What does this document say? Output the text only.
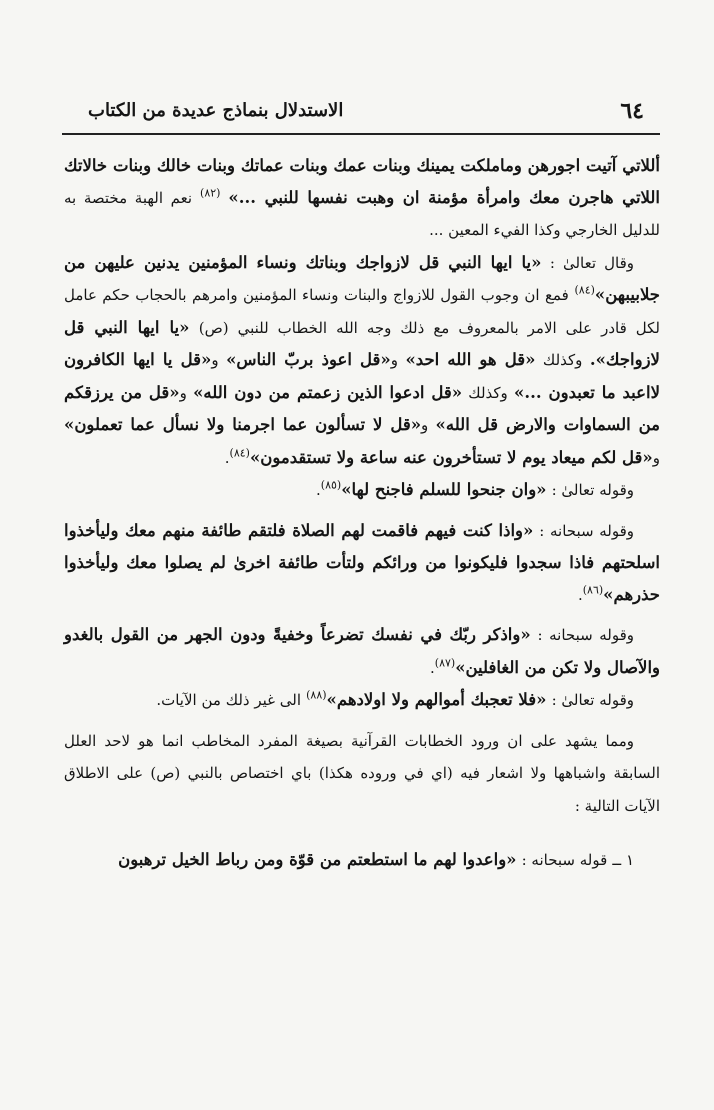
٦٤
الاستدلال بنماذج عديدة من الكتاب

أللاتي آتيت اجورهن وماملكت يمينك وبنات عمك وبنات عماتك وبنات خالك وبنات خالاتك اللاتي هاجرن معك وامرأة مؤمنة ان وهبت نفسها للنبي ...» $^{(٨٢)}$ نعم الهبة مختصة به للدليل الخارجي وكذا الفيء المعين ...

وقال تعالىٰ : «يا ايها النبي قل لازواجك وبناتك ونساء المؤمنين يدنين عليهن من جلابيبهن»$^{(٨٤)}$ فمع ان وجوب القول للازواج والبنات ونساء المؤمنين وامرهم بالحجاب حكم عامل لكل قادر على الامر بالمعروف مع ذلك وجه الله الخطاب للنبي (ص) «يا ايها النبي قل لازواجك». وكذلك «قل هو الله احد» و«قل اعوذ بربّ الناس» و«قل يا ايها الكافرون لااعبد ما تعبدون ...» وكذلك «قل ادعوا الذين زعمتم من دون الله» و«قل من يرزقكم من السماوات والارض قل الله» و«قل لا تسألون عما اجرمنا ولا نسأل عما تعملون» و«قل لكم ميعاد يوم لا تستأخرون عنه ساعة ولا تستقدمون»$^{(٨٤)}$.

وقوله تعالىٰ : «وان جنحوا للسلم فاجنح لها»$^{(٨٥)}$.

وقوله سبحانه : «واذا كنت فيهم فاقمت لهم الصلاة فلتقم طائفة منهم معك وليأخذوا اسلحتهم فاذا سجدوا فليكونوا من ورائكم ولتأت طائفة اخرىٰ لم يصلوا معك وليأخذوا حذرهم»$^{(٨٦)}$.

وقوله سبحانه : «واذكر ربّك في نفسك تضرعاً وخفيةً ودون الجهر من القول بالغدو والآصال ولا تكن من الغافلين»$^{(٨٧)}$.

وقوله تعالىٰ : «فلا تعجبك أموالهم ولا اولادهم»$^{(٨٨)}$ الى غير ذلك من الآيات.

ومما يشهد على ان ورود الخطابات القرآنية بصيغة المفرد المخاطب انما هو لاحد العلل السابقة واشباهها ولا اشعار فيه (اي في وروده هكذا) باي اختصاص بالنبي (ص) على الاطلاق الآيات التالية :

١ ــ قوله سبحانه : «واعدوا لهم ما استطعتم من قوّة ومن رباط الخيل ترهبون
